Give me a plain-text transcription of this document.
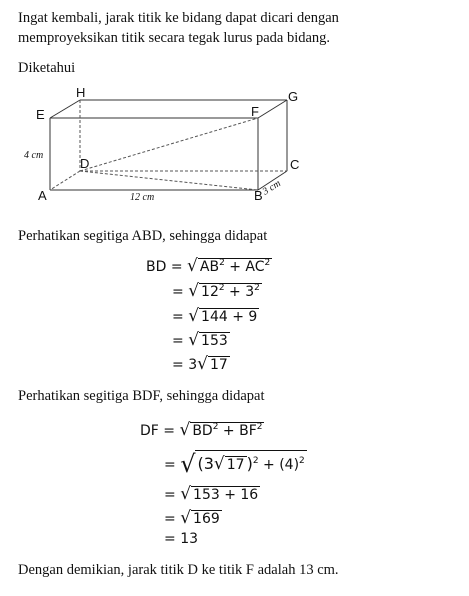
Ingat kembali, jarak titik ke bidang dapat dicari dengan
memproyeksikan titik secara tegak lurus pada bidang.
Diketahui
H	G
E	F
D	C
A	B
4 cm
12 cm	3 cm
Perhatikan segitiga ABD, sehingga didapat
BD = √ $AB^2 + AC^2$
= √ $12^2 + 3^2$
= √ 144 + 9
= √ 153
= 3√ 17
Perhatikan segitiga BDF, sehingga didapat
DF = √ $BD^2 + BF^2$
= √ (3√ 17 )$^2 + (4)^2$
= √ 153 + 16
= √ 169
= 13
Dengan demikian, jarak titik D ke titik F adalah 13 cm.
